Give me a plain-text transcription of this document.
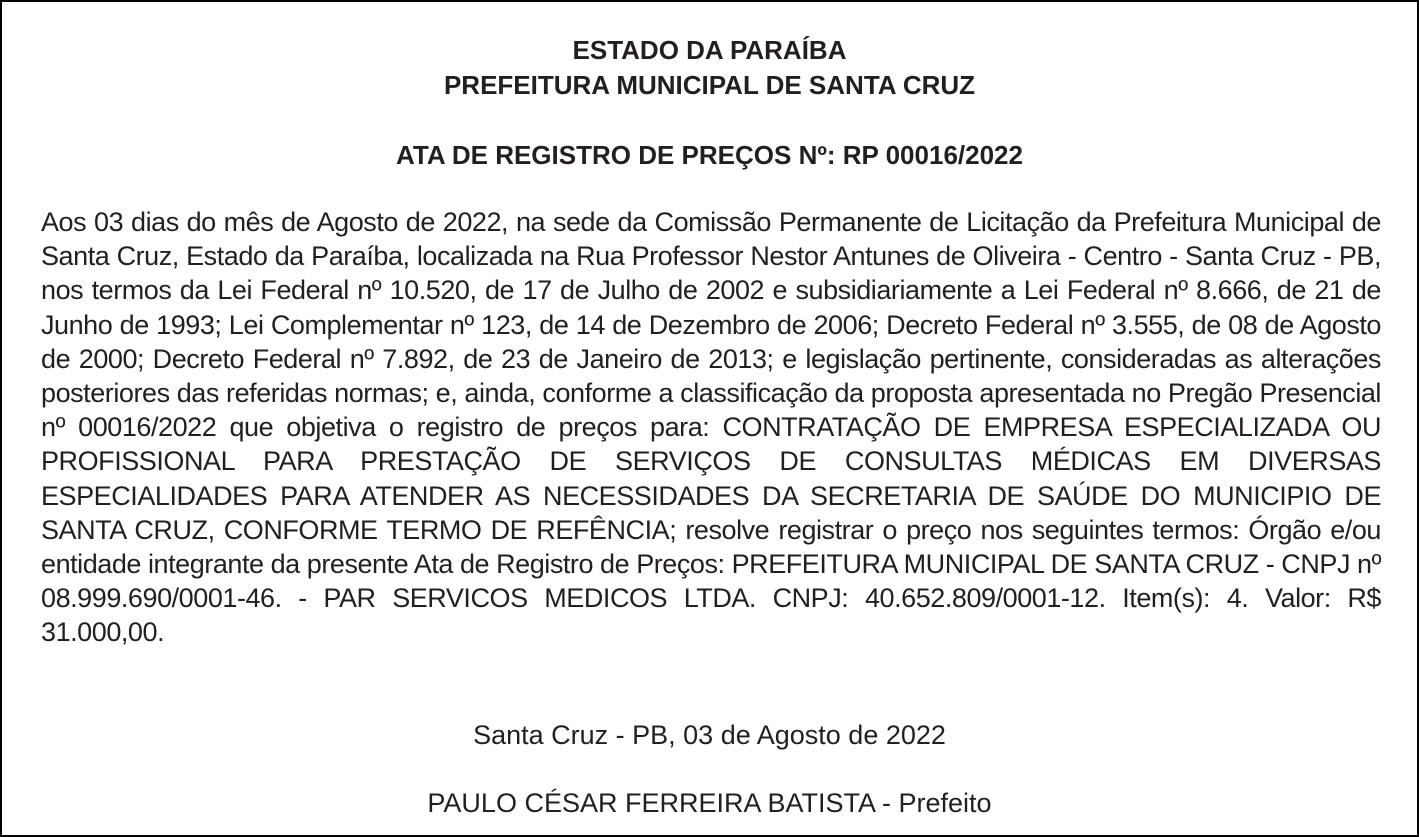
ESTADO DA PARAÍBA
PREFEITURA MUNICIPAL DE SANTA CRUZ
ATA DE REGISTRO DE PREÇOS Nº: RP 00016/2022

Aos 03 dias do mês de Agosto de 2022, na sede da Comissão Permanente de Licitação da Prefeitura Municipal de Santa Cruz, Estado da Paraíba, localizada na Rua Professor Nestor Antunes de Oliveira - Centro - Santa Cruz - PB, nos termos da Lei Federal nº 10.520, de 17 de Julho de 2002 e subsidiariamente a Lei Federal nº 8.666, de 21 de Junho de 1993; Lei Complementar nº 123, de 14 de Dezembro de 2006; Decreto Federal nº 3.555, de 08 de Agosto de 2000; Decreto Federal nº 7.892, de 23 de Janeiro de 2013; e legislação pertinente, consideradas as alterações posteriores das referidas normas; e, ainda, conforme a classificação da proposta apresentada no Pregão Presencial nº 00016/2022 que objetiva o registro de preços para: CONTRATAÇÃO DE EMPRESA ESPECIALIZADA OU PROFISSIONAL PARA PRESTAÇÃO DE SERVIÇOS DE CONSULTAS MÉDICAS EM DIVERSAS ESPECIALIDADES PARA ATENDER AS NECESSIDADES DA SECRETARIA DE SAÚDE DO MUNICIPIO DE SANTA CRUZ, CONFORME TERMO DE REFÊNCIA; resolve registrar o preço nos seguintes termos: Órgão e/ou entidade integrante da presente Ata de Registro de Preços: PREFEITURA MUNICIPAL DE SANTA CRUZ - CNPJ nº 08.999.690/0001-46. - PAR SERVICOS MEDICOS LTDA. CNPJ: 40.652.809/0001-12. Item(s): 4. Valor: R$ 31.000,00.

Santa Cruz - PB, 03 de Agosto de 2022
PAULO CÉSAR FERREIRA BATISTA - Prefeito
